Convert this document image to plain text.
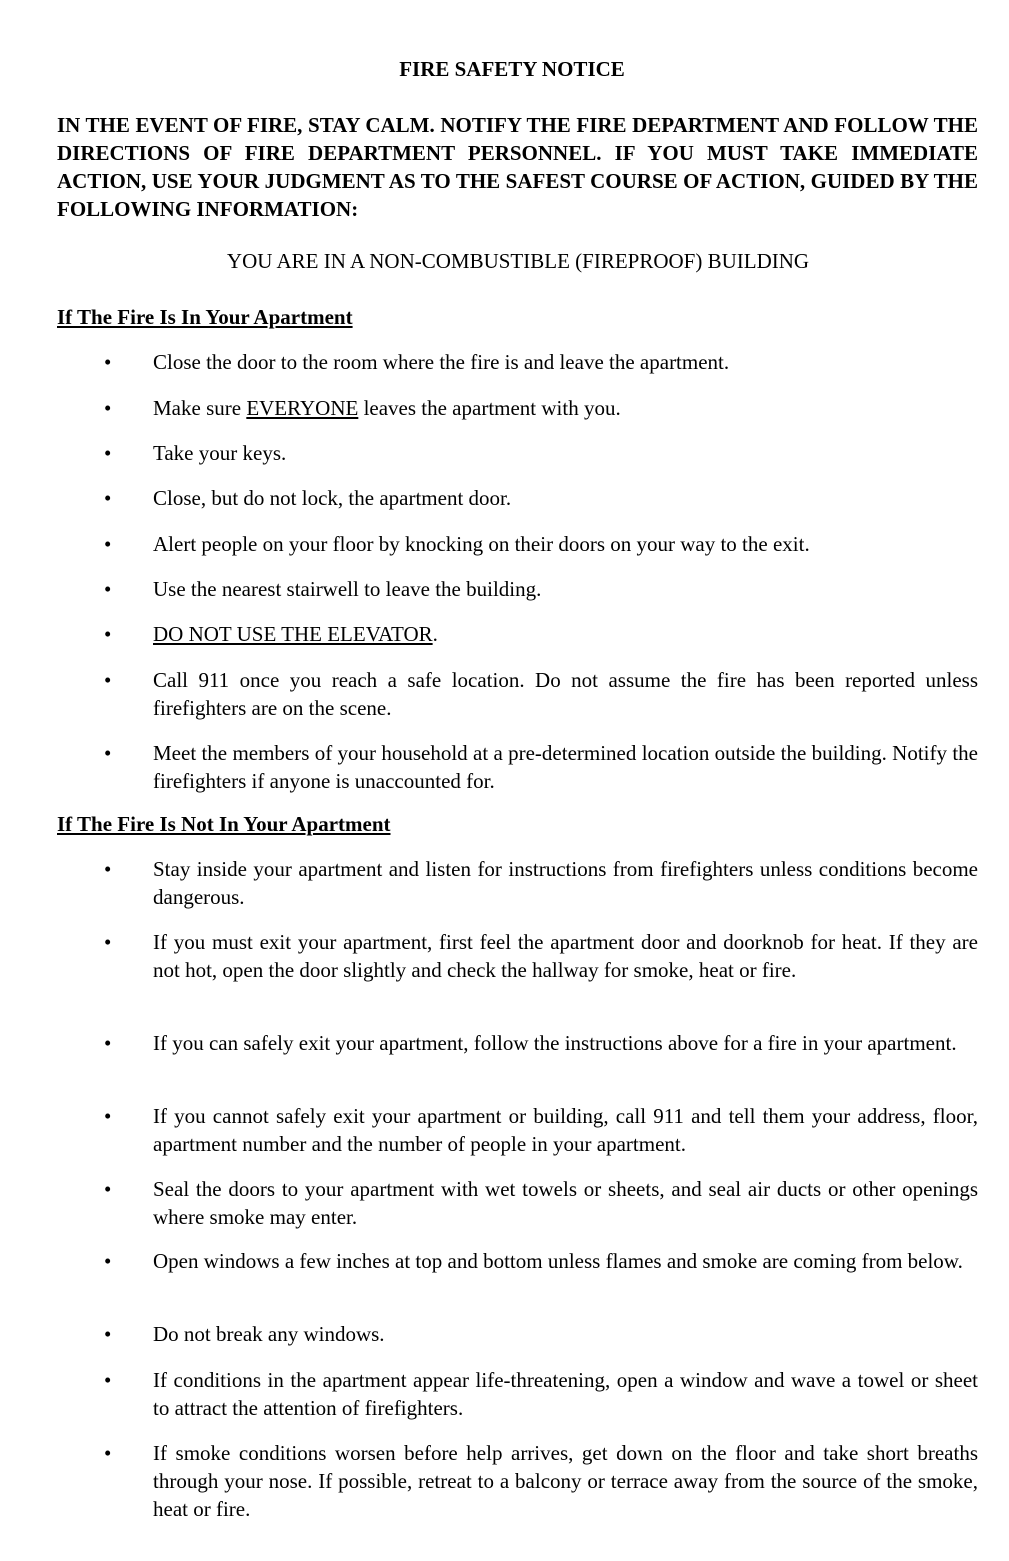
FIRE SAFETY NOTICE

IN THE EVENT OF FIRE, STAY CALM. NOTIFY THE FIRE DEPARTMENT AND FOLLOW THE DIRECTIONS OF FIRE DEPARTMENT PERSONNEL. IF YOU MUST TAKE IMMEDIATE ACTION, USE YOUR JUDGMENT AS TO THE SAFEST COURSE OF ACTION, GUIDED BY THE FOLLOWING INFORMATION:

YOU ARE IN A NON-COMBUSTIBLE (FIREPROOF) BUILDING

If The Fire Is In Your Apartment
• Close the door to the room where the fire is and leave the apartment.

• Make sure EVERYONE leaves the apartment with you.

• Take your keys.

• Close, but do not lock, the apartment door.

• Alert people on your floor by knocking on their doors on your way to the exit.

• Use the nearest stairwell to leave the building.

• DO NOT USE THE ELEVATOR.

• Call 911 once you reach a safe location. Do not assume the fire has been reported unless firefighters are on the scene.

• Meet the members of your household at a pre-determined location outside the building. Notify the firefighters if anyone is unaccounted for.

If The Fire Is Not In Your Apartment
• Stay inside your apartment and listen for instructions from firefighters unless conditions become dangerous.

• If you must exit your apartment, first feel the apartment door and doorknob for heat. If they are not hot, open the door slightly and check the hallway for smoke, heat or fire.

• If you can safely exit your apartment, follow the instructions above for a fire in your apartment.

• If you cannot safely exit your apartment or building, call 911 and tell them your address, floor, apartment number and the number of people in your apartment.

• Seal the doors to your apartment with wet towels or sheets, and seal air ducts or other openings where smoke may enter.

• Open windows a few inches at top and bottom unless flames and smoke are coming from below.

• Do not break any windows.

• If conditions in the apartment appear life-threatening, open a window and wave a towel or sheet to attract the attention of firefighters.

• If smoke conditions worsen before help arrives, get down on the floor and take short breaths through your nose. If possible, retreat to a balcony or terrace away from the source of the smoke, heat or fire.
